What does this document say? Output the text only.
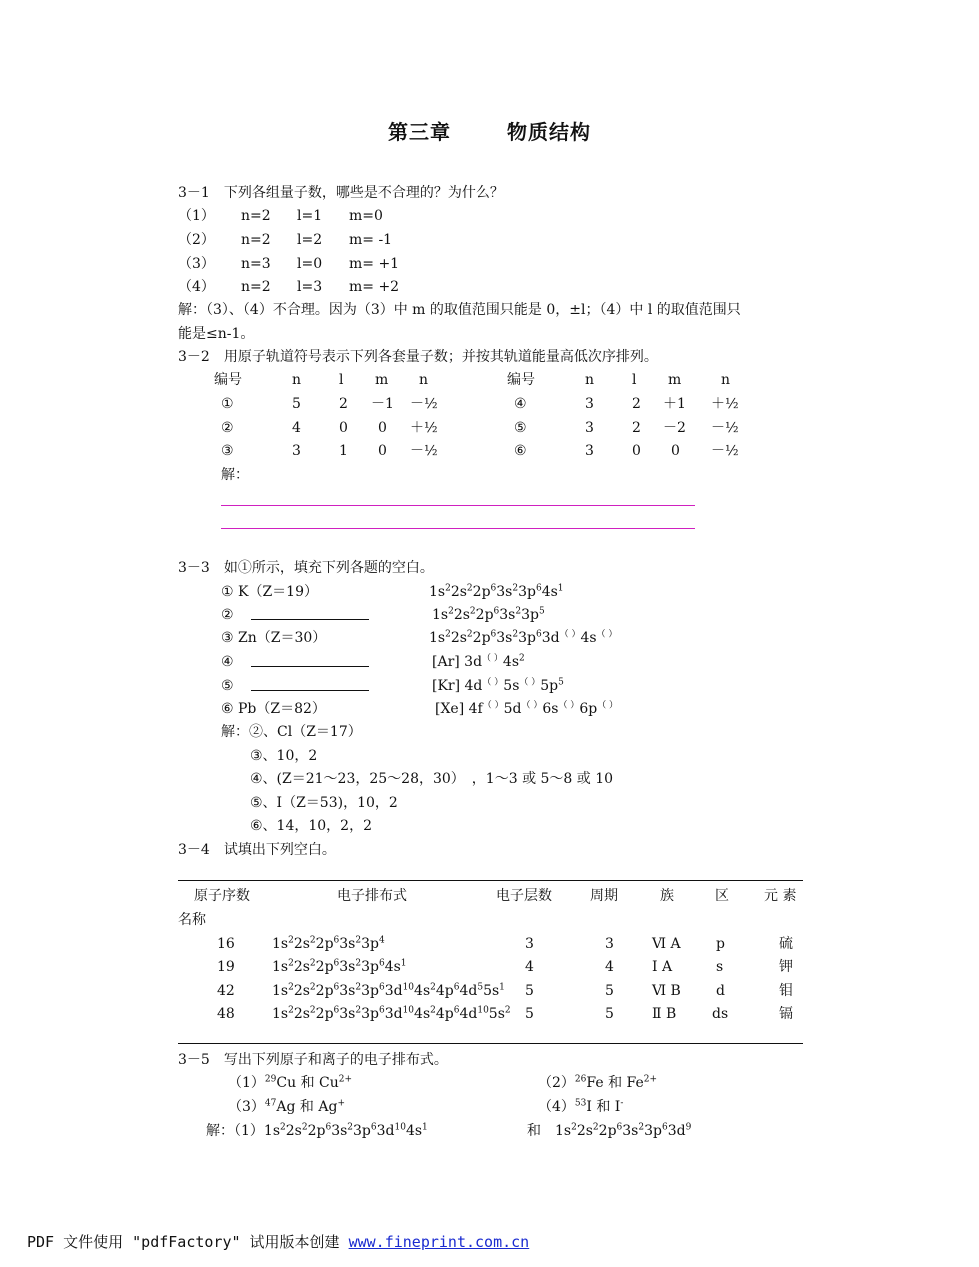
第三章	物质结构
3－1　下列各组量子数，哪些是不合理的？为什么？
（1） n=2 l=1 m=0
（2） n=2 l=2 m= -1
（3） n=3 l=0 m= +1
（4） n=2 l=3 m= +2
解：（3）、（4）不合理。因为（3）中 m 的取值范围只能是 0，±l；（4）中 l 的取值范围只
能是≤n-1。
3－2　用原子轨道符号表示下列各套量子数；并按其轨道能量高低次序排列。
编号	n	l m n
①	5	2 －1 －½
②	4	0 0 ＋½
③	3	1 0 －½
编号	n	l m	n
④	3	2 ＋1 ＋½
⑤	3	2 －2 －½
⑥	3	0 0 －½
解：
3－3　如①所示，填充下列各题的空白。
① K（Z＝19）	$1s^22s^22p^63s^23p^64s^1$
②	$1s^22s^22p^63s^23p^5$
③ Zn（Z＝30）	$1s^22s^22p^63s^23p^63d^{( )}4s^{( )}$
④	[Ar] $3d^{( )}4s^2$
⑤	[Kr] $4d^{( )}5s^{( )}5p^5$
⑥ Pb（Z＝82）	[Xe] 4f（ ）5d（ ）6s（ ）6p（ ）
解：②、Cl（Z＝17）
③、10，2
④、(Z＝21～23，25～28，30）　，1～3 或 5～8 或 10
⑤、I（Z＝53)，10，2
⑥、14，10，2，2
3－4　试填出下列空白。
原子序数	电子排布式	电子层数	周期	族	区	元 素
名称
16	$1s^22s^22p^63s^23p^4$	3	3	Ⅵ A	p	硫
19	$1s^22s^22p^63s^23p^64s^1$	4	4	Ⅰ A	s	钾
42	$1s^22s^22p^63s^23p^63d^{10}4s^24p^64d^55s^1$ 5	5	Ⅵ B	d	钼
48	$1s^22s^22p^63s^23p^63d^{10}4s^24p^64d^{10}5s^2$ 5	5	Ⅱ B	ds	镉
3－5　写出下列原子和离子的电子排布式。
$(1)^{29}Cu$ 和 $Cu^{2+}$	$(2)^{26}Fe$ 和 $Fe^{2+}$
$(3)^{47}Ag$ 和 Ag+	$(4)^{53}I$ 和 I-
解：$(1)1s^22s^22p^63s^23p^63d^{10}4s^1$	和　$1s^22s^22p^63s^23p^63d^9$
PDF 文件使用 "pdfFactory" 试用版本创建 www.fineprint.com.cn
